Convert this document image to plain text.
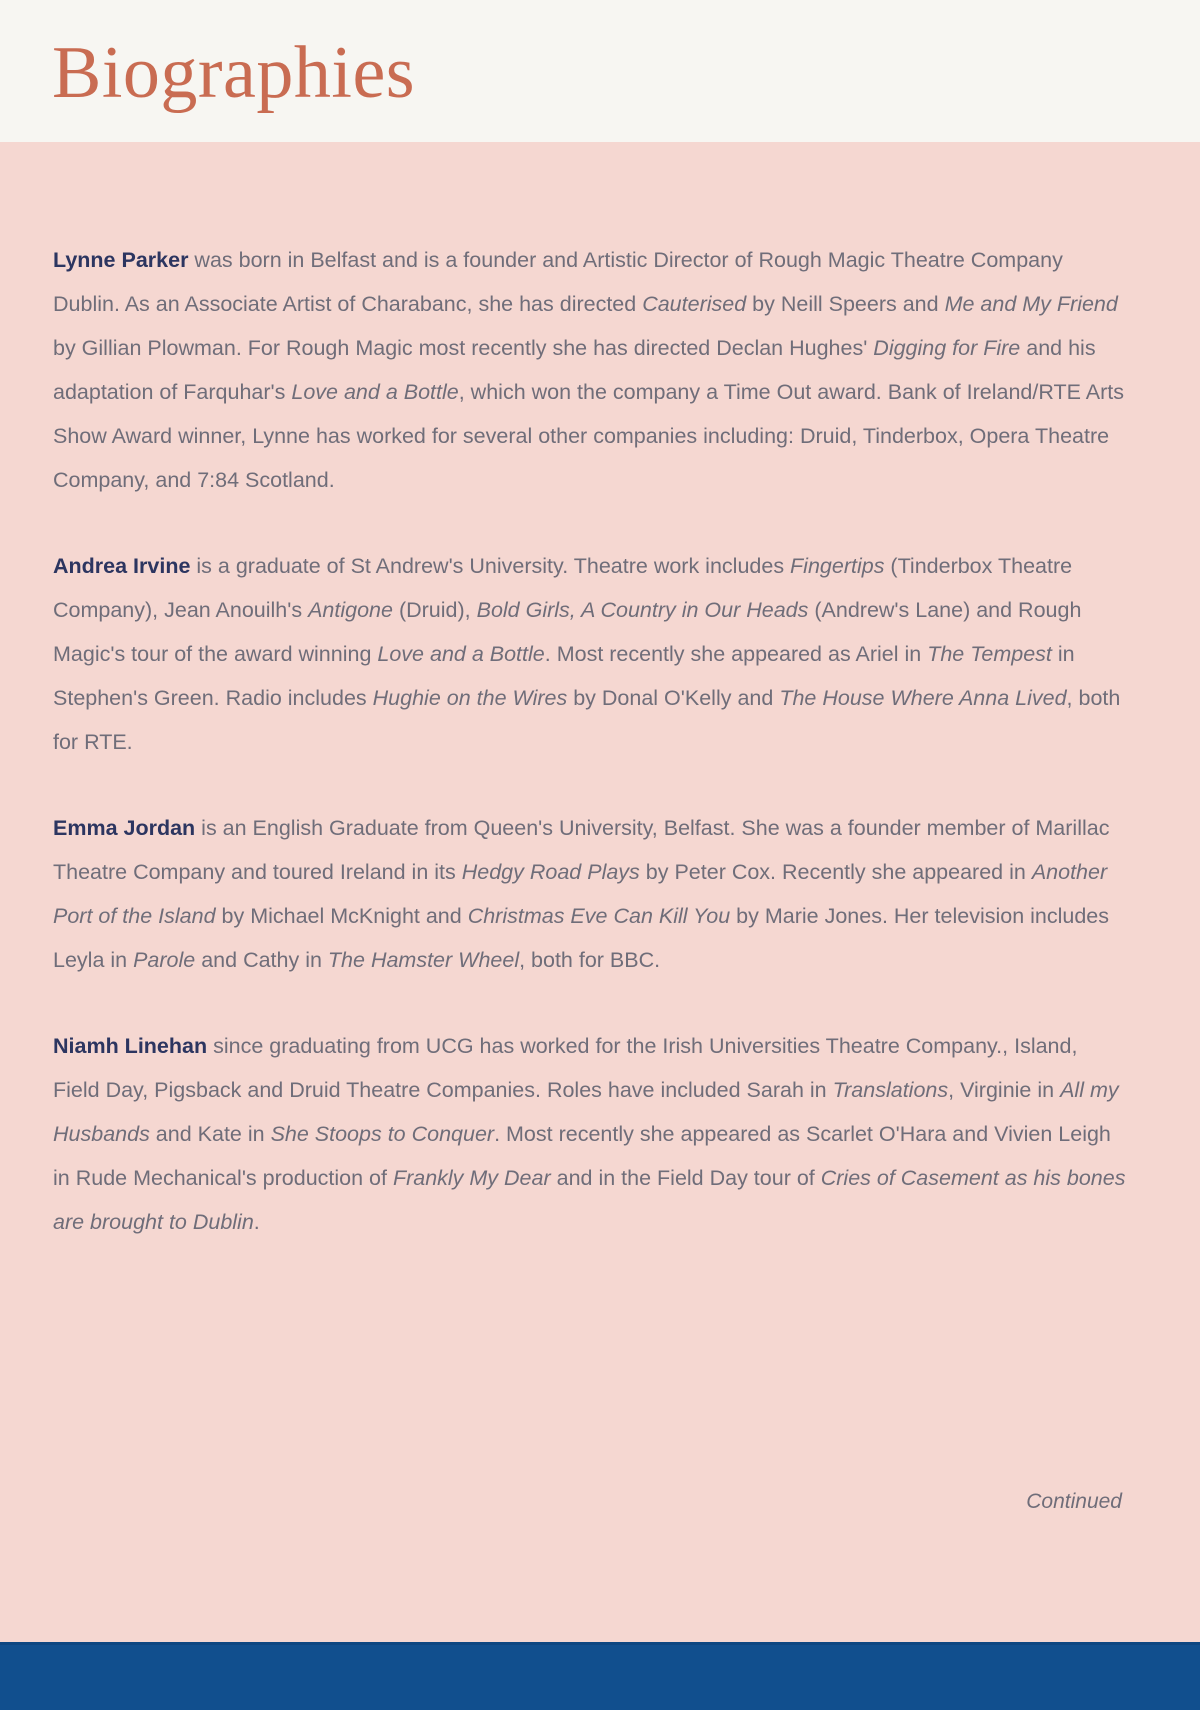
Biographies

Lynne Parker was born in Belfast and is a founder and Artistic Director of Rough Magic Theatre Company Dublin. As an Associate Artist of Charabanc, she has directed Cauterised by Neill Speers and Me and My Friend by Gillian Plowman. For Rough Magic most recently she has directed Declan Hughes' Digging for Fire and his adaptation of Farquhar's Love and a Bottle, which won the company a Time Out award. Bank of Ireland/RTE Arts Show Award winner, Lynne has worked for several other companies including: Druid, Tinderbox, Opera Theatre Company, and 7:84 Scotland.

Andrea Irvine is a graduate of St Andrew's University. Theatre work includes Fingertips (Tinderbox Theatre Company), Jean Anouilh's Antigone (Druid), Bold Girls, A Country in Our Heads (Andrew's Lane) and Rough Magic's tour of the award winning Love and a Bottle. Most recently she appeared as Ariel in The Tempest in Stephen's Green. Radio includes Hughie on the Wires by Donal O'Kelly and The House Where Anna Lived, both for RTE.

Emma Jordan is an English Graduate from Queen's University, Belfast. She was a founder member of Marillac Theatre Company and toured Ireland in its Hedgy Road Plays by Peter Cox. Recently she appeared in Another Port of the Island by Michael McKnight and Christmas Eve Can Kill You by Marie Jones. Her television includes Leyla in Parole and Cathy in The Hamster Wheel, both for BBC.

Niamh Linehan since graduating from UCG has worked for the Irish Universities Theatre Company., Island, Field Day, Pigsback and Druid Theatre Companies. Roles have included Sarah in Translations, Virginie in All my Husbands and Kate in She Stoops to Conquer. Most recently she appeared as Scarlet O'Hara and Vivien Leigh in Rude Mechanical's production of Frankly My Dear and in the Field Day tour of Cries of Casement as his bones are brought to Dublin.

Continued
